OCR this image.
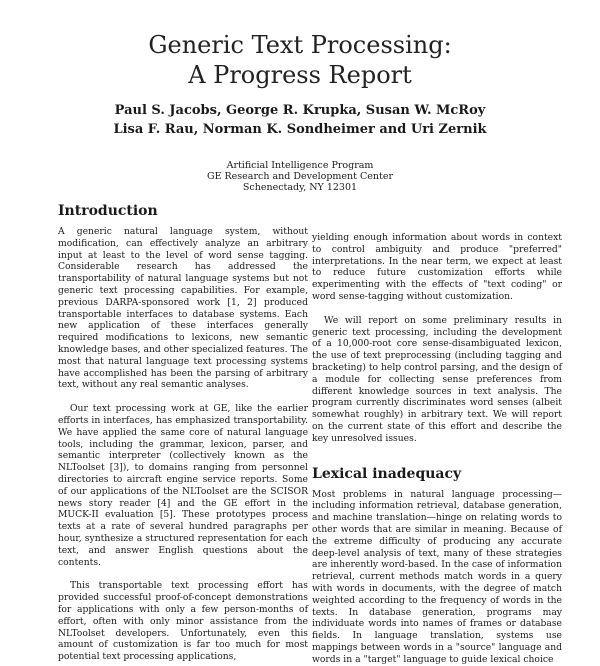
Generic Text Processing:
A Progress Report
Paul S. Jacobs, George R. Krupka, Susan W. McRoy
Lisa F. Rau, Norman K. Sondheimer and Uri Zernik
Artificial Intelligence Program
GE Research and Development Center
Schenectady, NY 12301
Introduction

A generic natural language system, without modification, can effectively analyze an arbitrary input at least to the level of word sense tagging. Considerable research has addressed the transportability of natural language systems but not generic text processing capabilities. For example, previous DARPA-sponsored work [1, 2] produced transportable interfaces to database systems. Each new application of these interfaces generally required modifications to lexicons, new semantic knowledge bases, and other specialized features. The most that natural language text processing systems have accomplished has been the parsing of arbitrary text, without any real semantic analyses.

Our text processing work at GE, like the earlier efforts in interfaces, has emphasized transportability. We have applied the same core of natural language tools, including the grammar, lexicon, parser, and semantic interpreter (collectively known as the NLToolset [3]), to domains ranging from personnel directories to aircraft engine service reports. Some of our applications of the NLToolset are the SCISOR news story reader [4] and the GE effort in the MUCK-II evaluation [5]. These prototypes process texts at a rate of several hundred paragraphs per hour, synthesize a structured representation for each text, and answer English questions about the contents.

This transportable text processing effort has provided successful proof-of-concept demonstrations for applications with only a few person-months of effort, often with only minor assistance from the NLToolset developers. Unfortunately, even this amount of customization is far too much for most potential text processing applications,

yielding enough information about words in context to control ambiguity and produce "preferred" interpretations. In the near term, we expect at least to reduce future customization efforts while experimenting with the effects of "text coding" or word sense-tagging without customization.

We will report on some preliminary results in generic text processing, including the development of a 10,000-root core sense-disambiguated lexicon, the use of text preprocessing (including tagging and bracketing) to help control parsing, and the design of a module for collecting sense preferences from different knowledge sources in text analysis. The program currently discriminates word senses (albeit somewhat roughly) in arbitrary text. We will report on the current state of this effort and describe the key unresolved issues.

Lexical inadequacy

Most problems in natural language processing—including information retrieval, database generation, and machine translation—hinge on relating words to other words that are similar in meaning. Because of the extreme difficulty of producing any accurate deep-level analysis of text, many of these strategies are inherently word-based. In the case of information retrieval, current methods match words in a query with words in documents, with the degree of match weighted according to the frequency of words in the texts. In database generation, programs may individuate words into names of frames or database fields. In language translation, systems use mappings between words in a "source" language and words in a "target" language to guide lexical choice
